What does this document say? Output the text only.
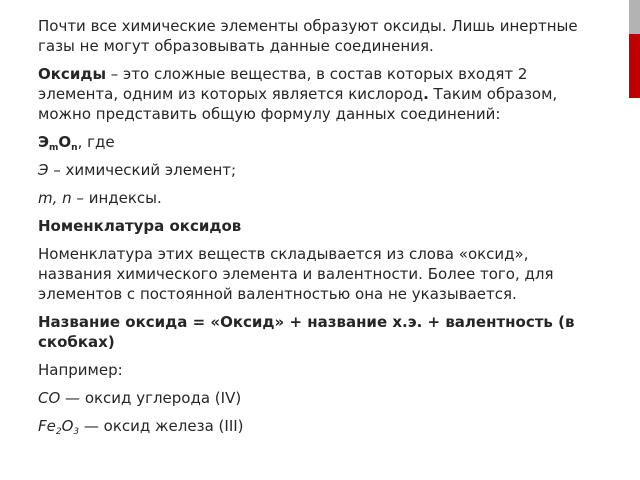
Почти все химические элементы образуют оксиды. Лишь инертные газы не могут образовывать данные соединения.

Оксиды – это сложные вещества, в состав которых входят 2 элемента, одним из которых является кислород. Таким образом, можно представить общую формулу данных соединений:

$Э_mO_n$, где

Э – химический элемент;

m, n – индексы.

Номенклатура оксидов

Номенклатура этих веществ складывается из слова «оксид», названия химического элемента и валентности. Более того, для элементов с постоянной валентностью она не указывается.

Название оксида = «Оксид» + название х.э. + валентность (в скобках)

Например:

CO — оксид углерода (IV)

$Fe_2O_3$ — оксид железа (III)
